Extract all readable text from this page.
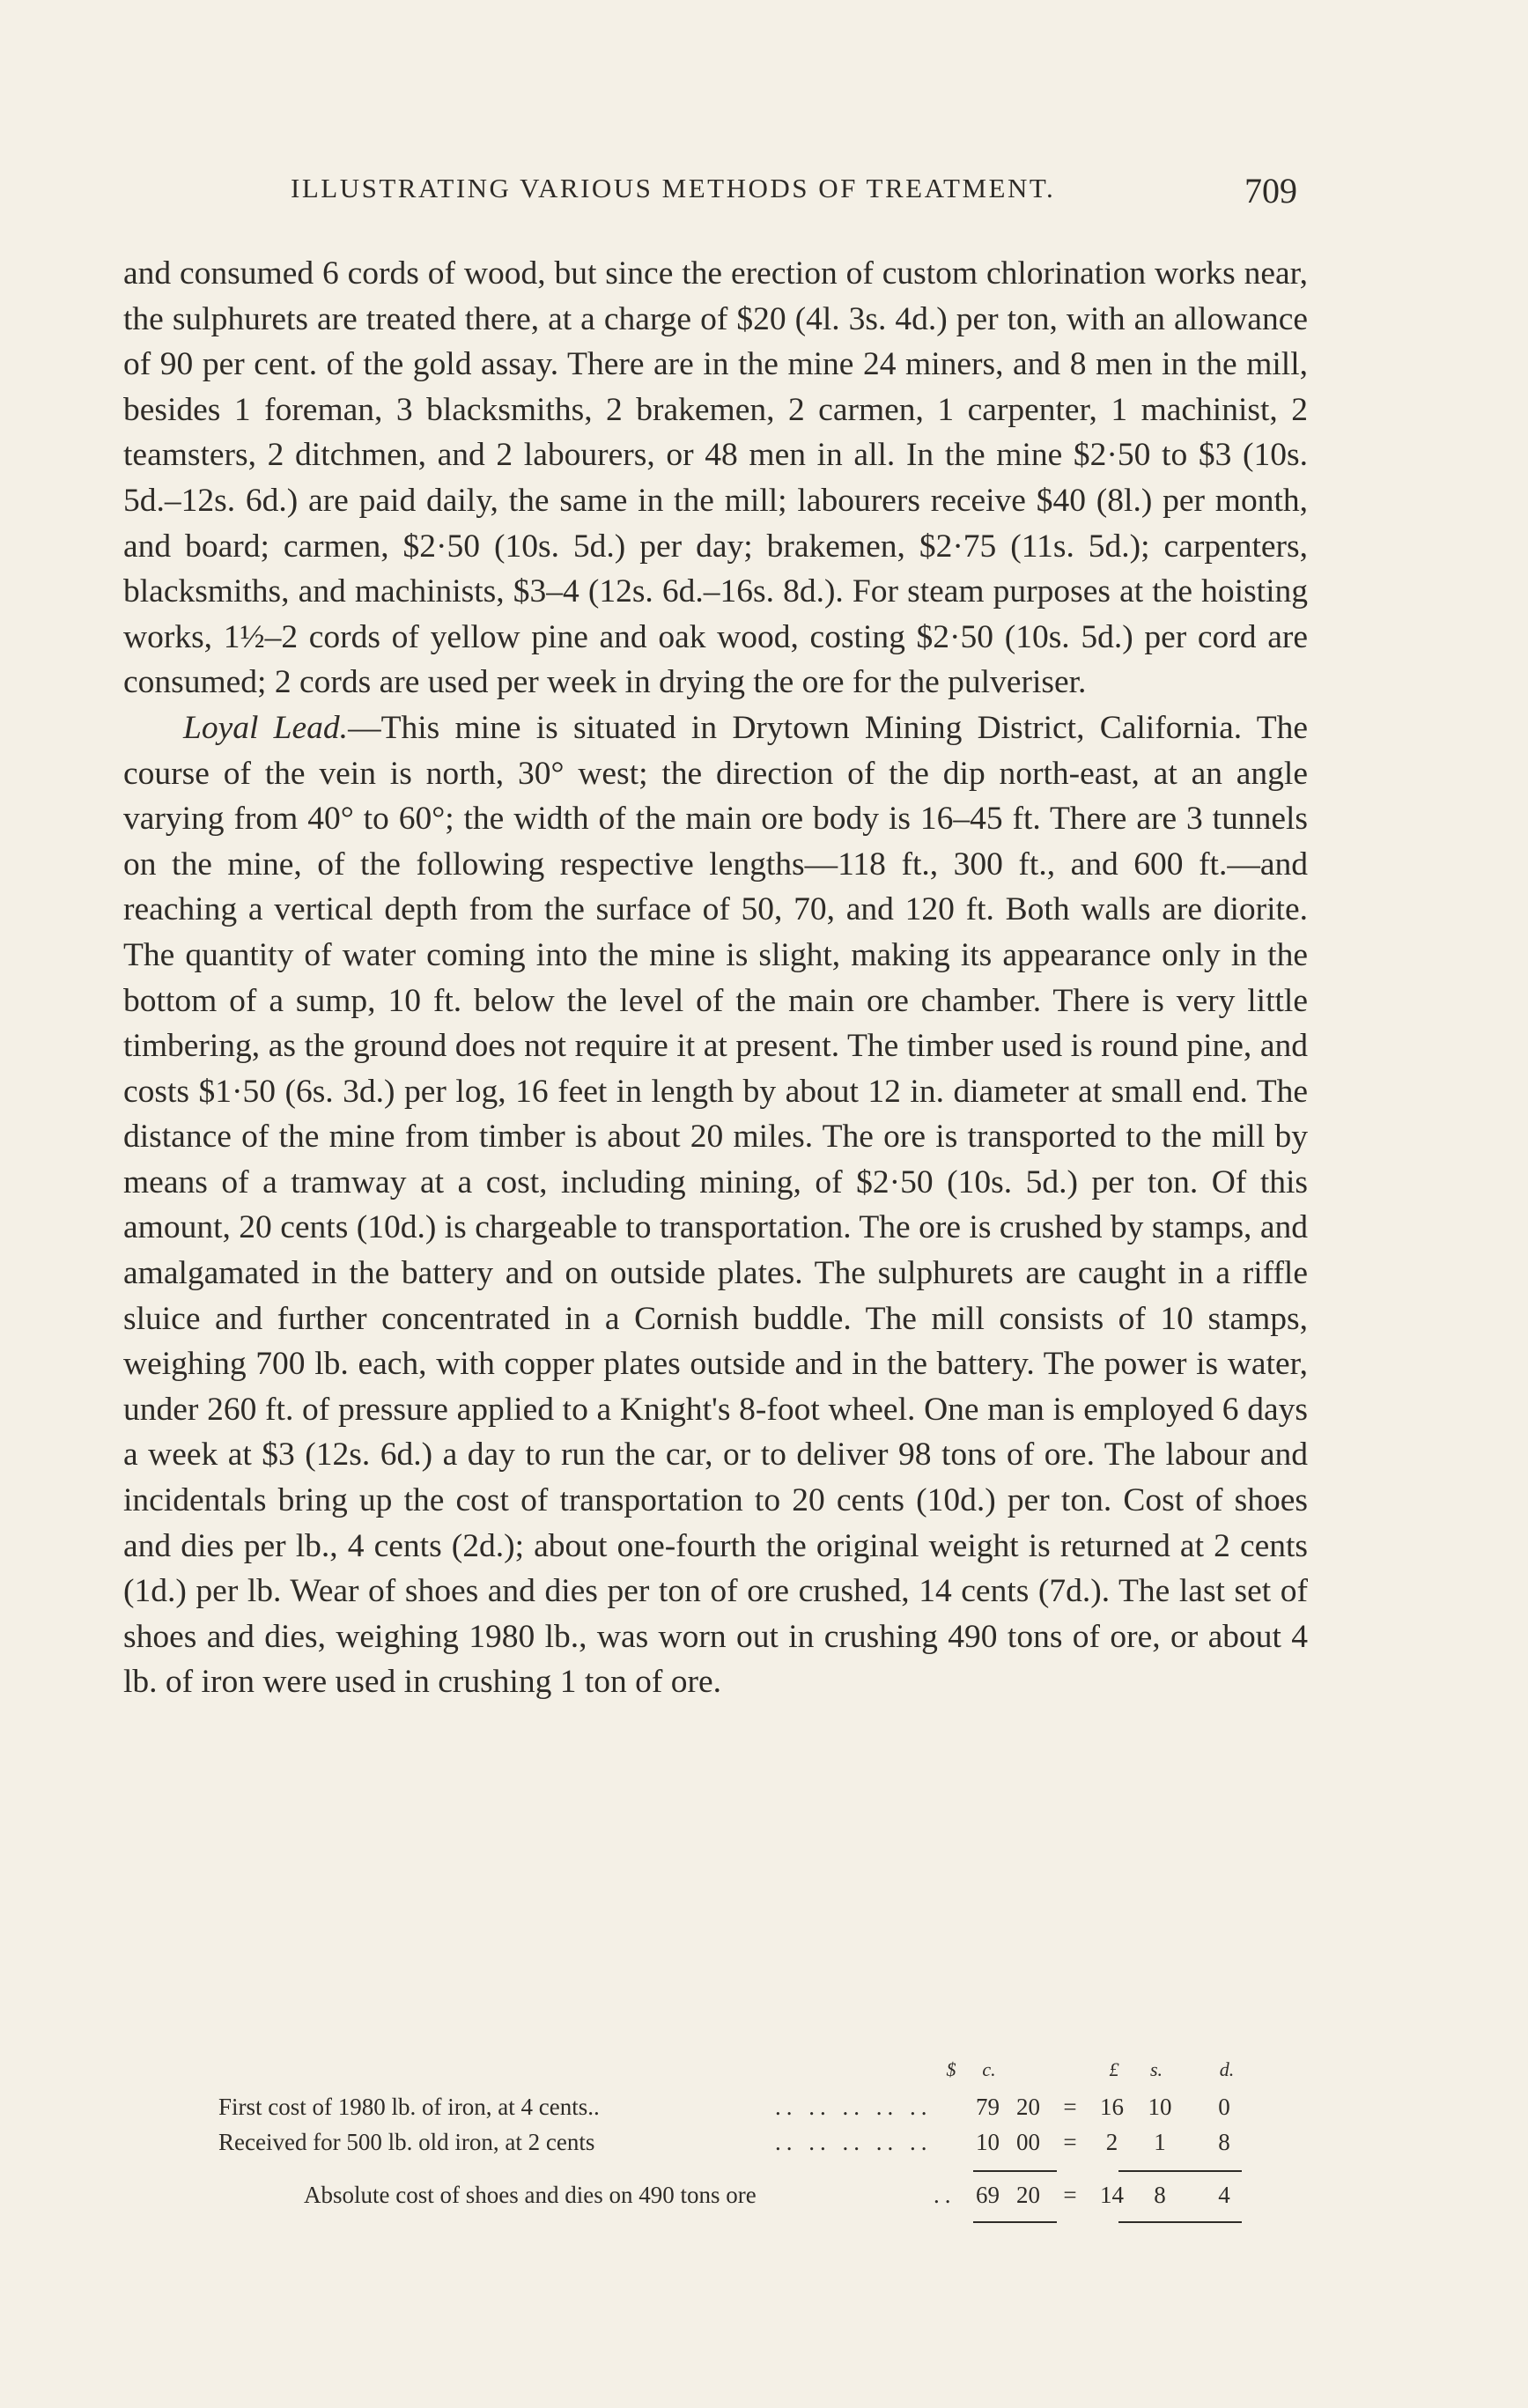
ILLUSTRATING VARIOUS METHODS OF TREATMENT.	709

and consumed 6 cords of wood, but since the erection of custom chlorination works near, the sulphurets are treated there, at a charge of $20 (4l. 3s. 4d.) per ton, with an allowance of 90 per cent. of the gold assay. There are in the mine 24 miners, and 8 men in the mill, besides 1 foreman, 3 blacksmiths, 2 brakemen, 2 carmen, 1 carpenter, 1 machinist, 2 teamsters, 2 ditchmen, and 2 labourers, or 48 men in all. In the mine $2·50 to $3 (10s. 5d.–12s. 6d.) are paid daily, the same in the mill; labourers receive $40 (8l.) per month, and board; carmen, $2·50 (10s. 5d.) per day; brakemen, $2·75 (11s. 5d.); carpenters, blacksmiths, and machinists, $3–4 (12s. 6d.–16s. 8d.). For steam purposes at the hoisting works, 1½–2 cords of yellow pine and oak wood, costing $2·50 (10s. 5d.) per cord are consumed; 2 cords are used per week in drying the ore for the pulveriser.

Loyal Lead.—This mine is situated in Drytown Mining District, California. The course of the vein is north, 30° west; the direction of the dip north-east, at an angle varying from 40° to 60°; the width of the main ore body is 16–45 ft. There are 3 tunnels on the mine, of the following respective lengths—118 ft., 300 ft., and 600 ft.—and reaching a vertical depth from the surface of 50, 70, and 120 ft. Both walls are diorite. The quantity of water coming into the mine is slight, making its appearance only in the bottom of a sump, 10 ft. below the level of the main ore chamber. There is very little timbering, as the ground does not require it at present. The timber used is round pine, and costs $1·50 (6s. 3d.) per log, 16 feet in length by about 12 in. diameter at small end. The distance of the mine from timber is about 20 miles. The ore is transported to the mill by means of a tramway at a cost, including mining, of $2·50 (10s. 5d.) per ton. Of this amount, 20 cents (10d.) is chargeable to transportation. The ore is crushed by stamps, and amalgamated in the battery and on outside plates. The sulphurets are caught in a riffle sluice and further concentrated in a Cornish buddle. The mill consists of 10 stamps, weighing 700 lb. each, with copper plates outside and in the battery. The power is water, under 260 ft. of pressure applied to a Knight's 8-foot wheel. One man is employed 6 days a week at $3 (12s. 6d.) a day to run the car, or to deliver 98 tons of ore. The labour and incidentals bring up the cost of transportation to 20 cents (10d.) per ton. Cost of shoes and dies per lb., 4 cents (2d.); about one-fourth the original weight is returned at 2 cents (1d.) per lb. Wear of shoes and dies per ton of ore crushed, 14 cents (7d.). The last set of shoes and dies, weighing 1980 lb., was worn out in crushing 490 tons of ore, or about 4 lb. of iron were used in crushing 1 ton of ore.

$	c.	£	s.	d.
First cost of 1980 lb. of iron, at 4 cents..	.. .. .. .. ..	79 20 = 16	10	0
Received for 500 lb. old iron, at 2 cents	.. .. .. .. ..	10 00 =	2	1	8
Absolute cost of shoes and dies on 490 tons ore	.. 69 20 = 14	8	4
